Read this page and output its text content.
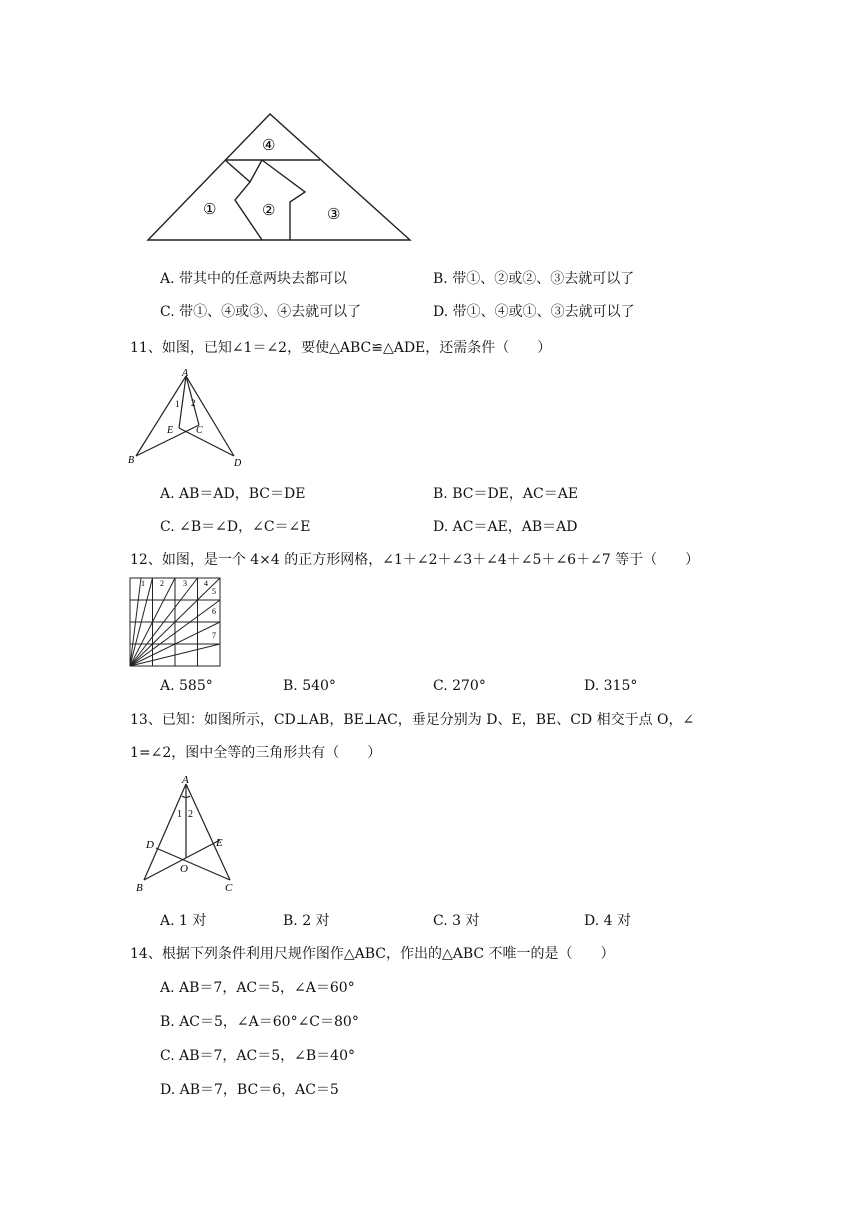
①	②	③
④
A. 带其中的任意两块去都可以	B. 带①、②或②、③去就可以了
C. 带①、④或③、④去就可以了	D. 带①、④或①、③去就可以了
11、如图，已知∠1＝∠2，要使△ABC≌△ADE，还需条件（　　）
A
B
C
D
E
1 2
A. AB＝AD，BC＝DE	B. BC＝DE，AC＝AE
C. ∠B＝∠D，∠C＝∠E	D. AC＝AE，AB＝AD
12、如图，是一个 4×4 的正方形网格，∠1＋∠2＋∠3＋∠4＋∠5＋∠6＋∠7 等于（　　）
1 2 3 4
5
6
7
A. 585°	B. 540°	C. 270°	D. 315°
13、已知：如图所示，CD⊥AB，BE⊥AC，垂足分别为 D、E，BE、CD 相交于点 O，∠
1=∠2，图中全等的三角形共有（　　）
A
B	C
D	E
O
1 2
A. 1 对	B. 2 对	C. 3 对	D. 4 对
14、根据下列条件利用尺规作图作△ABC，作出的△ABC 不唯一的是（　　）
A. AB＝7，AC＝5，∠A＝60°
B. AC＝5，∠A＝60°∠C＝80°
C. AB＝7，AC＝5，∠B＝40°
D. AB＝7，BC＝6，AC＝5
